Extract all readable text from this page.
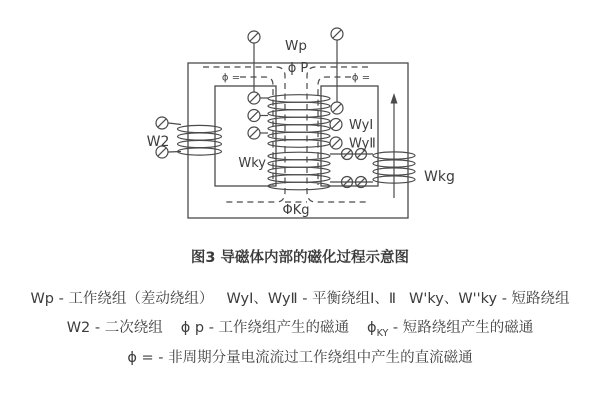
Wp
ϕ P
ϕ =	ϕ =
W2
Wky
WyⅠ
WyⅡ
Wkg
ΦKg
图3 导磁体内部的磁化过程示意图
Wp - 工作绕组（差动绕组） WyⅠ、WyⅡ - 平衡绕组Ⅰ、Ⅱ W'ky、W''ky - 短路绕组
W2 - 二次绕组 ϕ p - 工作绕组产生的磁通 $\phi_{KY}$ - 短路绕组产生的磁通
ϕ = - 非周期分量电流流过工作绕组中产生的直流磁通
